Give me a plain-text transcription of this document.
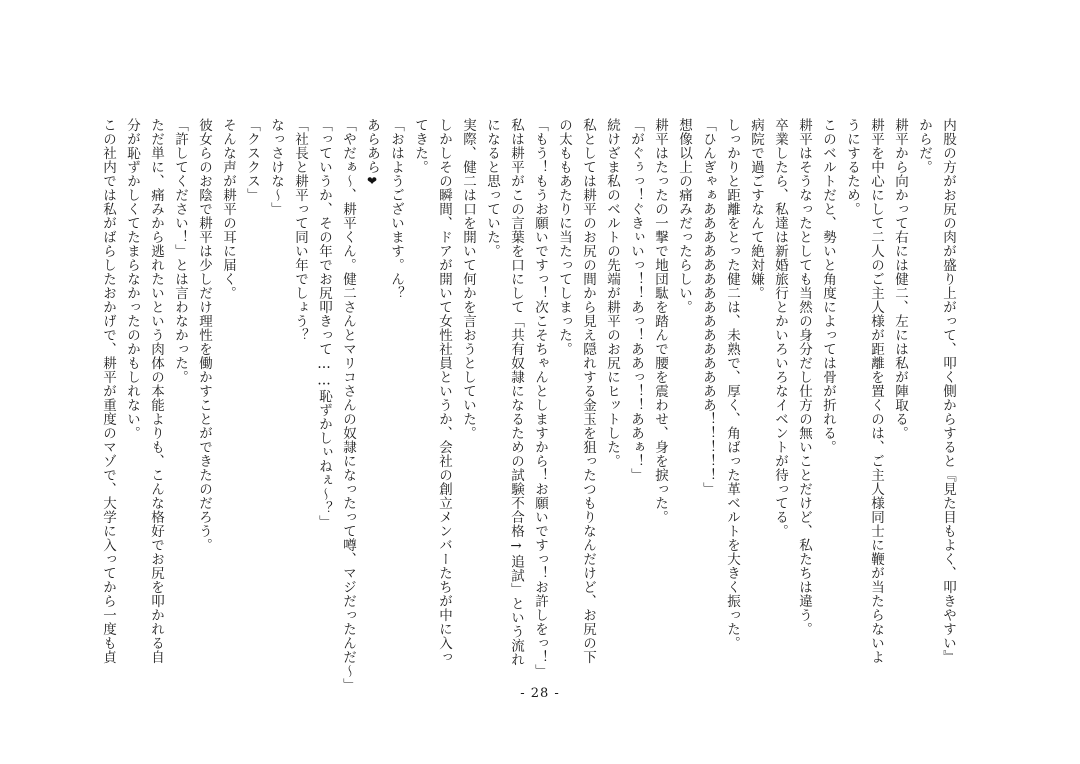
内股の方がお尻の肉が盛り上がって、叩く側からすると『見た目もよく、叩きやすい』
からだ。
耕平から向かって右には健二、左には私が陣取る。
耕平を中心にして二人のご主人様が距離を置くのは、ご主人様同士に鞭が当たらないよ
うにするため。
このベルトだと、勢いと角度によっては骨が折れる。
耕平はそうなったとしても当然の身分だし仕方の無いことだけど、私たちは違う。
卒業したら、私達は新婚旅行とかいろいろなイベントが待ってる。
病院で過ごすなんて絶対嫌。
しっかりと距離をとった健二は、未熟で、厚く、角ばった革ベルトを大きく振った。
「ひんぎゃぁあああああああああああああああ！！！！！」
想像以上の痛みだったらしい。
耕平はたったの一撃で地団駄を踏んで腰を震わせ、身を捩った。
「がぐぅっ！ぐきぃいっ！！あっ！ああっ！！ああぁ！」
続けざま私のベルトの先端が耕平のお尻にヒットした。
私としては耕平のお尻の間から見え隠れする金玉を狙ったつもりなんだけど、お尻の下
の太ももあたりに当たってしまった。
「もう！もうお願いですっ！次こそちゃんとしますから！お願いですっ！お許しをっ！」
私は耕平がこの言葉を口にして「共有奴隷になるための試験不合格→追試」という流れ
になると思っていた。
実際、健二は口を開いて何かを言おうとしていた。
しかしその瞬間、ドアが開いて女性社員というか、会社の創立メンバーたちが中に入っ
てきた。
「おはようございます。ん？
あらあら❤
「やだぁ～、耕平くん。健二さんとマリコさんの奴隷になったって噂、マジだったんだ～」
「っていうか、その年でお尻叩きって……恥ずかしぃねぇ～？」
「社長と耕平って同い年でしょう？
なっさけな～」
「クスクス」
そんな声が耕平の耳に届く。
彼女らのお陰で耕平は少しだけ理性を働かすことができたのだろう。
「許してください！」とは言わなかった。
ただ単に、痛みから逃れたいという肉体の本能よりも、こんな格好でお尻を叩かれる自
分が恥ずかしくてたまらなかったのかもしれない。
この社内では私がばらしたおかげで、耕平が重度のマゾで、大学に入ってから一度も貞
- 28 -
